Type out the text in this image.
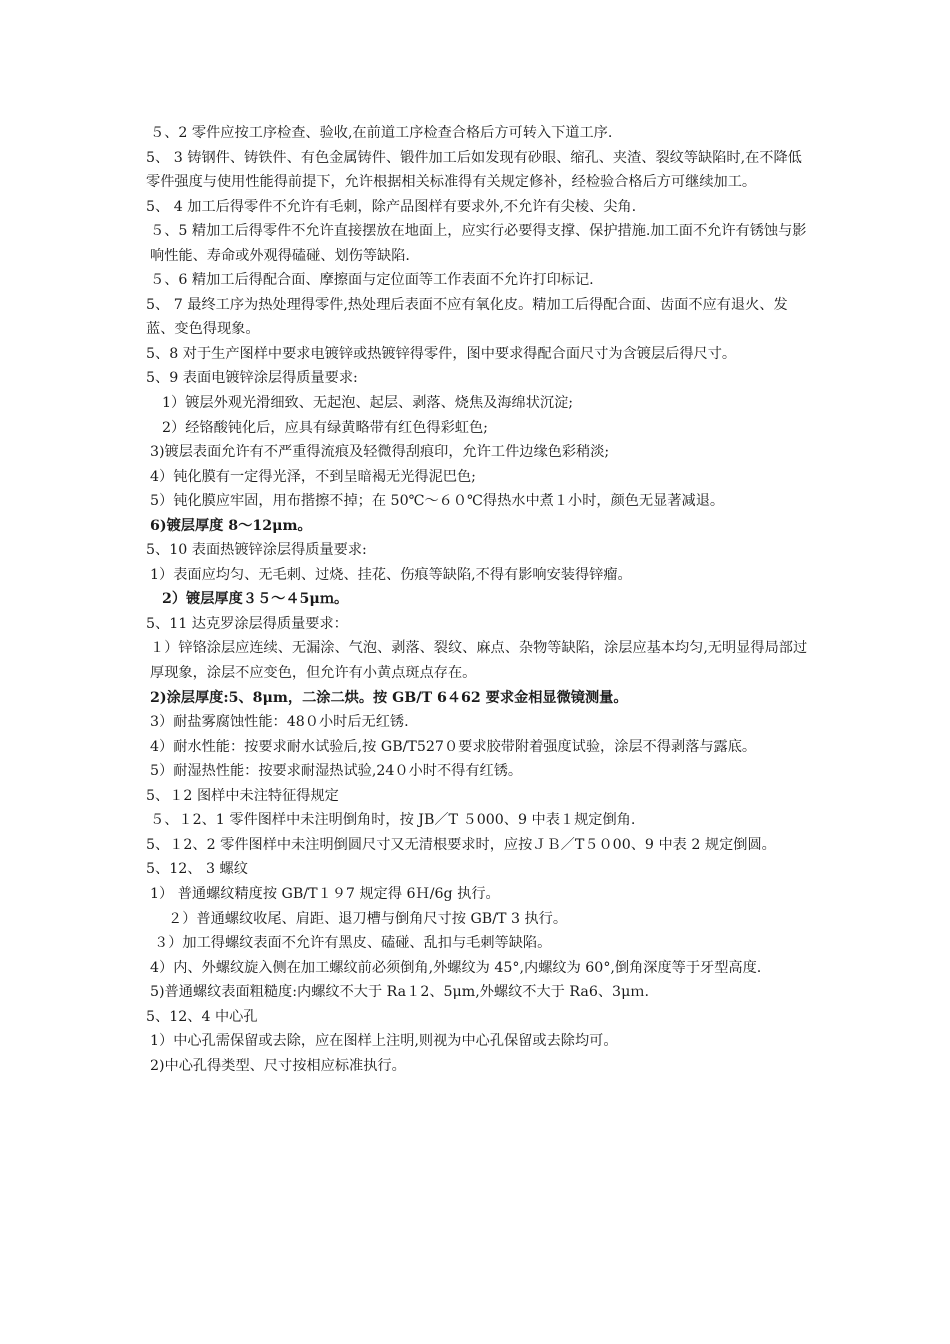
５、2 零件应按工序检查、验收,在前道工序检查合格后方可转入下道工序.

5、 3 铸钢件、铸铁件、有色金属铸件、锻件加工后如发现有砂眼、缩孔、夹渣、裂纹等缺陷时,在不降低零件强度与使用性能得前提下，允许根据相关标准得有关规定修补，经检验合格后方可继续加工。

5、 4 加工后得零件不允许有毛刺，除产品图样有要求外,不允许有尖棱、尖角.

５、5 精加工后得零件不允许直接摆放在地面上，应实行必要得支撑、保护措施.加工面不允许有锈蚀与影响性能、寿命或外观得磕碰、划伤等缺陷.

５、6 精加工后得配合面、摩擦面与定位面等工作表面不允许打印标记.

5、 7 最终工序为热处理得零件,热处理后表面不应有氧化皮。精加工后得配合面、齿面不应有退火、发蓝、变色得现象。

5、8 对于生产图样中要求电镀锌或热镀锌得零件，图中要求得配合面尺寸为含镀层后得尺寸。

5、9 表面电镀锌涂层得质量要求:

1）镀层外观光滑细致、无起泡、起层、剥落、烧焦及海绵状沉淀;

2）经铬酸钝化后，应具有绿黄略带有红色得彩虹色;

3)镀层表面允许有不严重得流痕及轻微得刮痕印，允许工件边缘色彩稍淡;

4）钝化膜有一定得光泽，不到呈暗褐无光得泥巴色;

5）钝化膜应牢固，用布揩擦不掉；在 50℃～６０℃得热水中煮１小时，颜色无显著减退。

6)镀层厚度 8～12μm。

5、10 表面热镀锌涂层得质量要求:

1）表面应均匀、无毛刺、过烧、挂花、伤痕等缺陷,不得有影响安装得锌瘤。

2）镀层厚度３５～４5μｍ。

5、11 达克罗涂层得质量要求：

１）锌铬涂层应连续、无漏涂、气泡、剥落、裂纹、麻点、杂物等缺陷，涂层应基本均匀,无明显得局部过厚现象，涂层不应变色，但允许有小黄点斑点存在。

2)涂层厚度:5、8μm，二涂二烘。按 GB/T 6４62 要求金相显微镜测量。

3）耐盐雾腐蚀性能：48０小时后无红锈.

4）耐水性能：按要求耐水试验后,按 GB/T527０要求胶带附着强度试验，涂层不得剥落与露底。

5）耐湿热性能：按要求耐湿热试验,24０小时不得有红锈。

5、１2 图样中未注特征得规定

５、１2、1 零件图样中未注明倒角时，按 JB／T ５000、9 中表１规定倒角.

5、１2、2 零件图样中未注明倒圆尺寸又无清根要求时，应按ＪＢ／T５０00、9 中表 2 规定倒圆。

5、12、 3 螺纹

1） 普通螺纹精度按 GB/T１９7 规定得 6Ｈ/6g 执行。

２）普通螺纹收尾、肩距、退刀槽与倒角尺寸按 GB/T 3 执行。

３）加工得螺纹表面不允许有黑皮、磕碰、乱扣与毛刺等缺陷。

4）内、外螺纹旋入侧在加工螺纹前必须倒角,外螺纹为 45°,内螺纹为 60°,倒角深度等于牙型高度.

5)普通螺纹表面粗糙度:内螺纹不大于 Ra１2、5μm,外螺纹不大于 Ra6、3μｍ.

5、12、4 中心孔

1）中心孔需保留或去除，应在图样上注明,则视为中心孔保留或去除均可。

2)中心孔得类型、尺寸按相应标准执行。
